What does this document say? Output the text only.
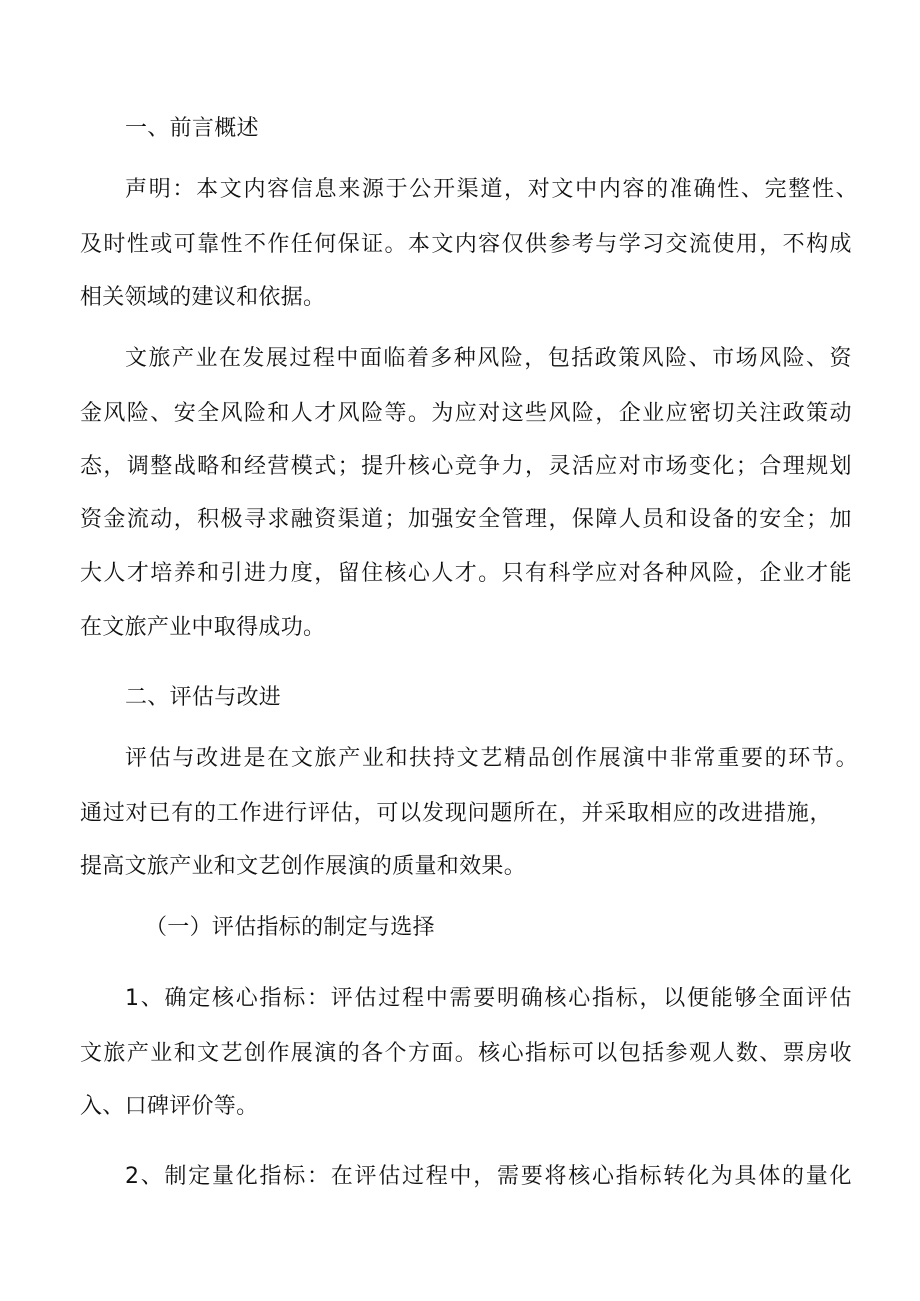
一、前言概述
声 明 ： 本 文 内 容 信 息 来 源 于 公 开 渠 道 ， 对 文 中 内 容 的 准 确 性 、 完 整 性 、
及 时 性 或 可 靠 性 不 作 任 何 保 证 。 本 文 内 容 仅 供 参 考 与 学 习 交 流 使 用 ， 不 构 成
相关领域的建议和依据。
文 旅 产 业 在 发 展 过 程 中 面 临 着 多 种 风 险 ， 包 括 政 策 风 险 、 市 场 风 险 、 资
金 风 险 、 安 全 风 险 和 人 才 风 险 等 。 为 应 对 这 些 风 险 ， 企 业 应 密 切 关 注 政 策 动
态 ， 调 整 战 略 和 经 营 模 式 ； 提 升 核 心 竞 争 力 ， 灵 活 应 对 市 场 变 化 ； 合 理 规 划
资 金 流 动 ， 积 极 寻 求 融 资 渠 道 ； 加 强 安 全 管 理 ， 保 障 人 员 和 设 备 的 安 全 ； 加
大 人 才 培 养 和 引 进 力 度 ， 留 住 核 心 人 才 。 只 有 科 学 应 对 各 种 风 险 ， 企 业 才 能
在文旅产业中取得成功。
二、评估与改进
评 估 与 改 进 是 在 文 旅 产 业 和 扶 持 文 艺 精 品 创 作 展 演 中 非 常 重 要 的 环 节 。
通 过 对 已 有 的 工 作 进 行 评 估 ， 可 以 发 现 问 题 所 在 ， 并 采 取 相 应 的 改 进 措 施 ，
提高文旅产业和文艺创作展演的质量和效果。
（一）评估指标的制定与选择
1 、 确 定 核 心 指 标 ： 评 估 过 程 中 需 要 明 确 核 心 指 标 ， 以 便 能 够 全 面 评 估
文 旅 产 业 和 文 艺 创 作 展 演 的 各 个 方 面 。 核 心 指 标 可 以 包 括 参 观 人 数 、 票 房 收
入、口碑评价等。
2 、 制 定 量 化 指 标 ： 在 评 估 过 程 中 ， 需 要 将 核 心 指 标 转 化 为 具 体 的 量 化
